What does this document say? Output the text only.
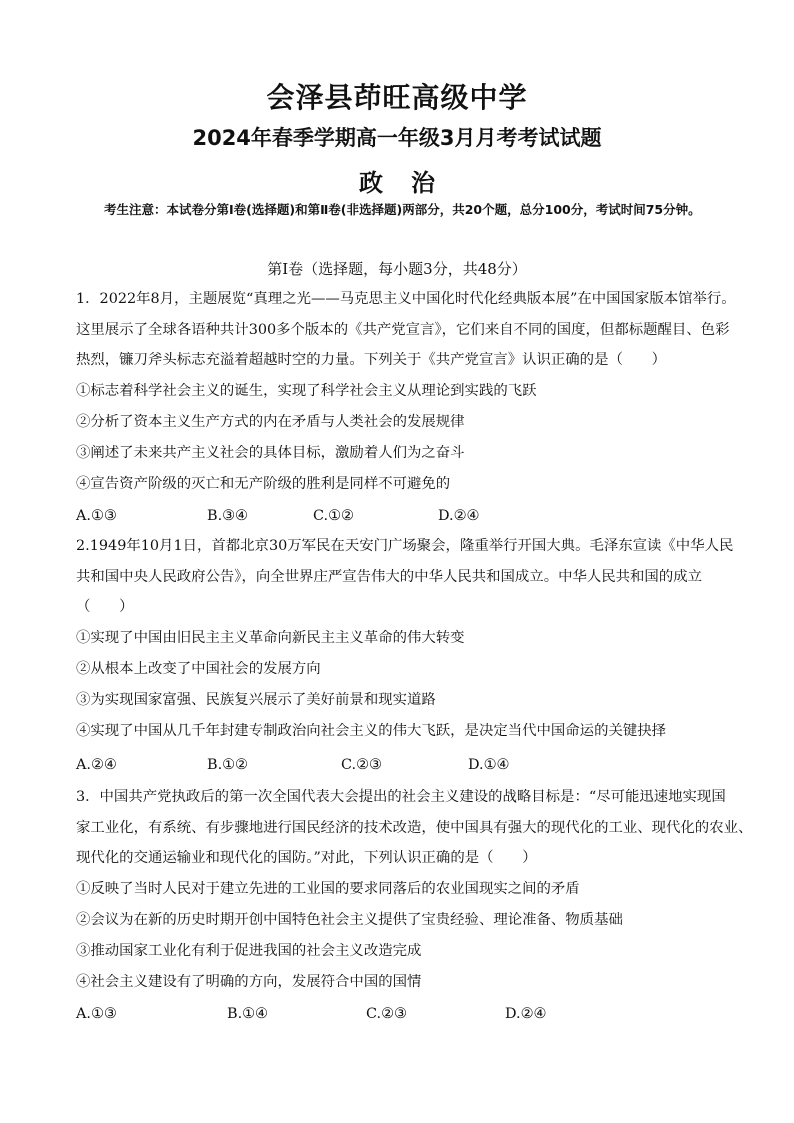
会泽县茚旺高级中学
2024年春季学期高一年级3月月考考试试题
政治
考生注意：本试卷分第Ⅰ卷(选择题)和第Ⅱ卷(非选择题)两部分，共20个题，总分100分，考试时间75分钟。
第Ⅰ卷（选择题，每小题3分，共48分）
1．2022年8月，主题展览“真理之光——马克思主义中国化时代化经典版本展”在中国国家版本馆举行。
这里展示了全球各语种共计300多个版本的《共产党宣言》，它们来自不同的国度，但都标题醒目、色彩
热烈，镰刀斧头标志充溢着超越时空的力量。下列关于《共产党宣言》认识正确的是（　　）
①标志着科学社会主义的诞生，实现了科学社会主义从理论到实践的飞跃
②分析了资本主义生产方式的内在矛盾与人类社会的发展规律
③阐述了未来共产主义社会的具体目标，激励着人们为之奋斗
④宣告资产阶级的灭亡和无产阶级的胜利是同样不可避免的
A.①③	B.③④	C.①②	D.②④
2.1949年10月1日，首都北京30万军民在天安门广场聚会，隆重举行开国大典。毛泽东宣读《中华人民
共和国中央人民政府公告》，向全世界庄严宣告伟大的中华人民共和国成立。中华人民共和国的成立
（　　）
①实现了中国由旧民主主义革命向新民主主义革命的伟大转变
②从根本上改变了中国社会的发展方向
③为实现国家富强、民族复兴展示了美好前景和现实道路
④实现了中国从几千年封建专制政治向社会主义的伟大飞跃，是决定当代中国命运的关键抉择
A.②④	B.①②	C.②③	D.①④
3．中国共产党执政后的第一次全国代表大会提出的社会主义建设的战略目标是：“尽可能迅速地实现国
家工业化，有系统、有步骤地进行国民经济的技术改造，使中国具有强大的现代化的工业、现代化的农业、
现代化的交通运输业和现代化的国防。”对此，下列认识正确的是（　　）
①反映了当时人民对于建立先进的工业国的要求同落后的农业国现实之间的矛盾
②会议为在新的历史时期开创中国特色社会主义提供了宝贵经验、理论准备、物质基础
③推动国家工业化有利于促进我国的社会主义改造完成
④社会主义建设有了明确的方向，发展符合中国的国情
A.①③	B.①④	C.②③	D.②④
